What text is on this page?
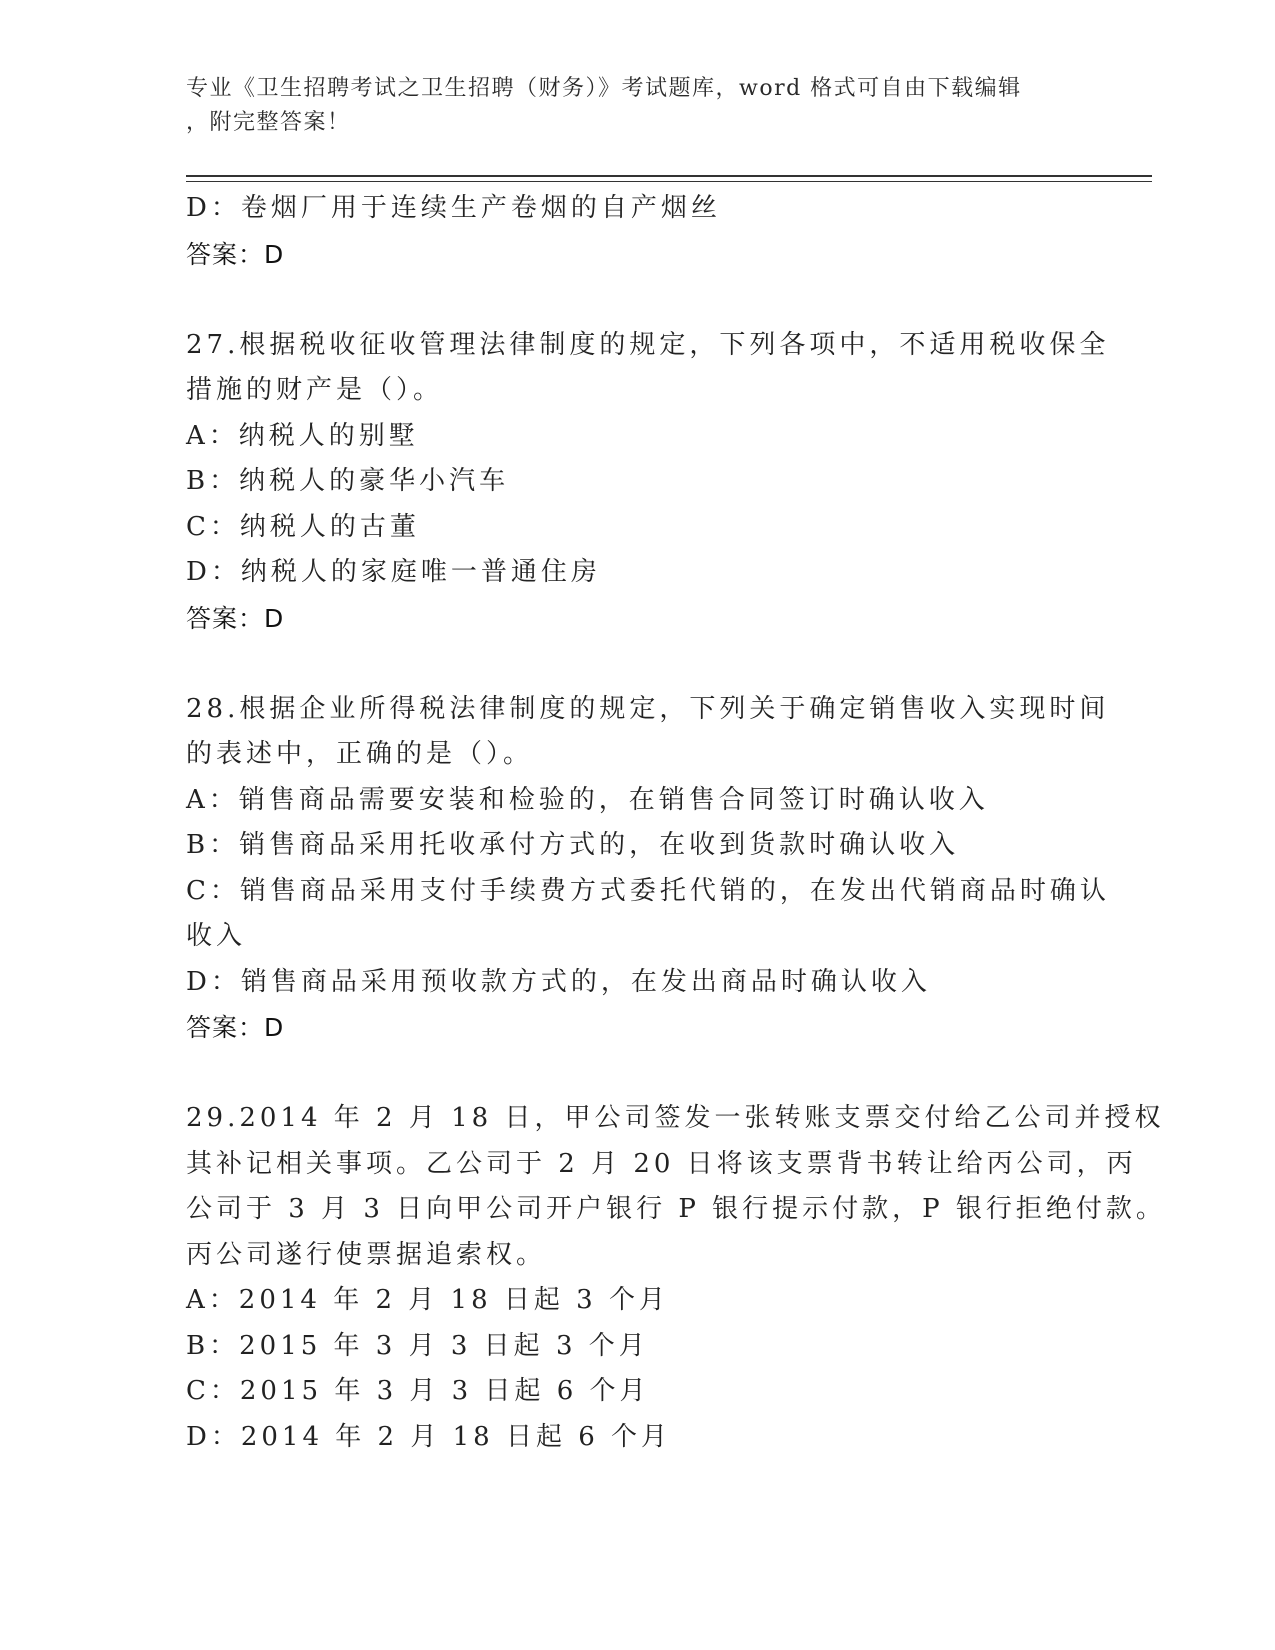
专业《卫生招聘考试之卫生招聘（财务）》考试题库，word 格式可自由下载编辑
，附完整答案！
D：卷烟厂用于连续生产卷烟的自产烟丝
答案：D
27.根据税收征收管理法律制度的规定，下列各项中，不适用税收保全
措施的财产是（）。
A：纳税人的别墅
B：纳税人的豪华小汽车
C：纳税人的古董
D：纳税人的家庭唯一普通住房
答案：D
28.根据企业所得税法律制度的规定，下列关于确定销售收入实现时间
的表述中，正确的是（）。
A：销售商品需要安装和检验的，在销售合同签订时确认收入
B：销售商品采用托收承付方式的，在收到货款时确认收入
C：销售商品采用支付手续费方式委托代销的，在发出代销商品时确认
收入
D：销售商品采用预收款方式的，在发出商品时确认收入
答案：D
29.2014 年 2 月 18 日，甲公司签发一张转账支票交付给乙公司并授权
其补记相关事项。乙公司于 2 月 20 日将该支票背书转让给丙公司，丙
公司于 3 月 3 日向甲公司开户银行 P 银行提示付款，P 银行拒绝付款。
丙公司遂行使票据追索权。
A：2014 年 2 月 18 日起 3 个月
B：2015 年 3 月 3 日起 3 个月
C：2015 年 3 月 3 日起 6 个月
D：2014 年 2 月 18 日起 6 个月
